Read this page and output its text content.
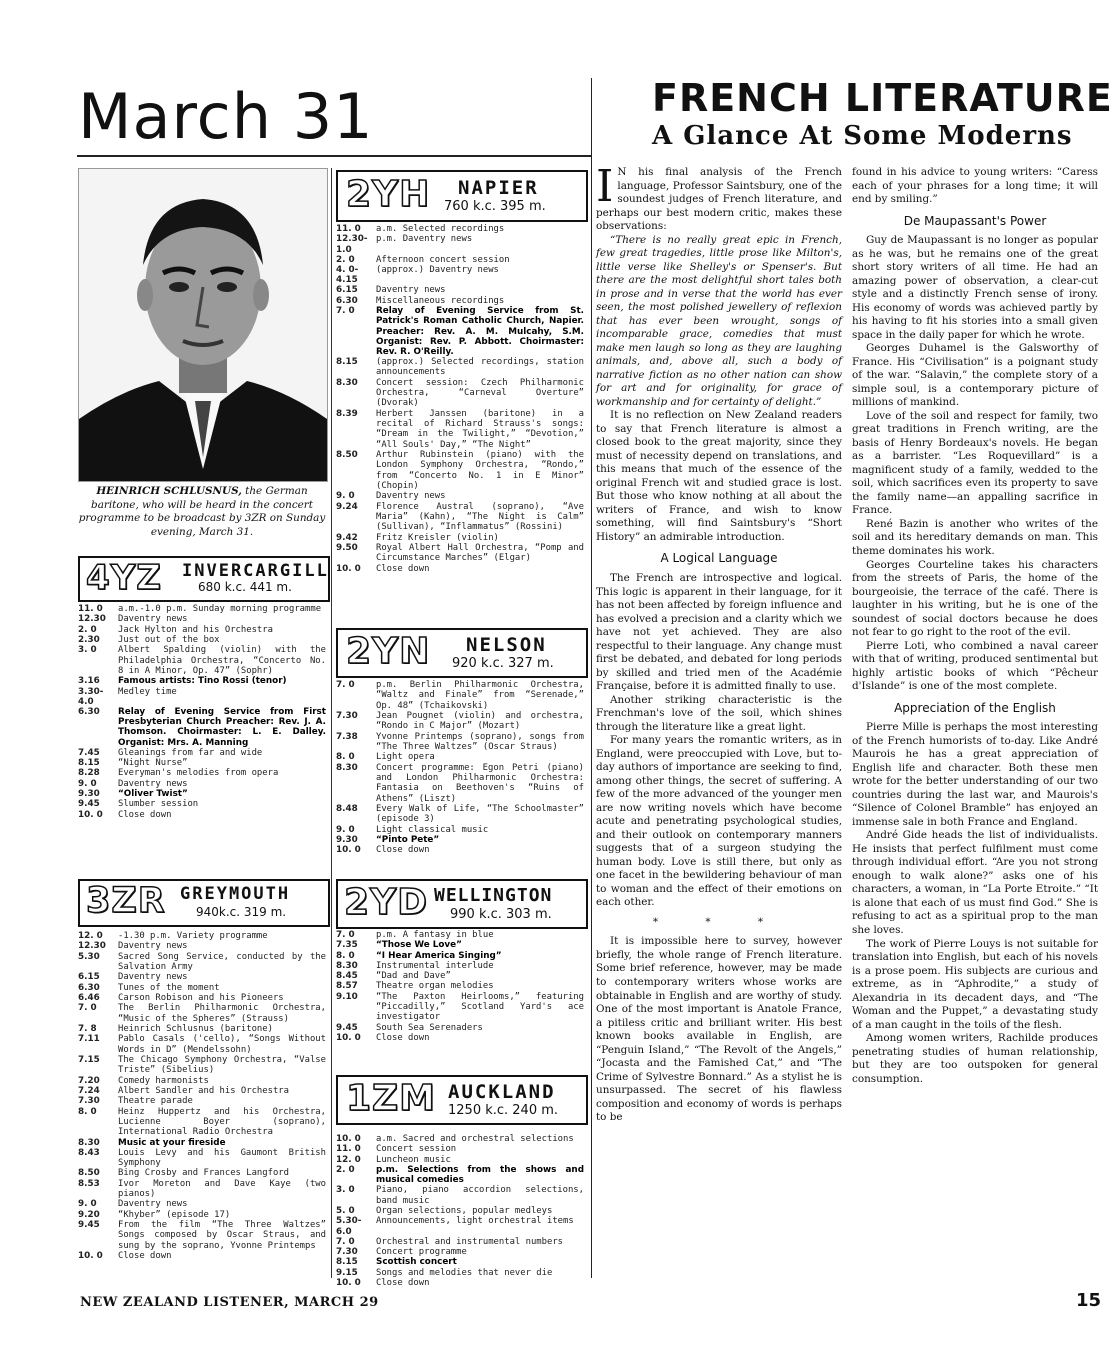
March 31	FRENCH LITERATURE
A Glance At Some Moderns

HEINRICH SCHLUSNUS, the German baritone, who will be heard in the concert programme to be broadcast by 3ZR on Sunday evening, March 31.

4YZ INVERCARGILL
680 k.c. 441 m.
11. 0	a.m.-1.0 p.m. Sunday morning programme
12.30	Daventry news
2. 0	Jack Hylton and his Orchestra
2.30	Just out of the box
3. 0	Albert Spalding (violin) with the Philadelphia Orchestra, “Concerto No. 8 in A Minor, Op. 47” (Sophr)
3.16	Famous artists: Tino Rossi (tenor)
3.30-4.0
Medley time
6.30	Relay of Evening Service from First Presbyterian Church Preacher: Rev. J. A. Thomson. Choirmaster: L. E. Dalley. Organist: Mrs. A. Manning
7.45	Gleanings from far and wide
8.15	“Night Nurse”
8.28	Everyman's melodies from opera
9. 0	Daventry news
9.30	“Oliver Twist”
9.45	Slumber session
10. 0	Close down
3ZR GREYMOUTH
940k.c. 319 m.
12. 0	-1.30 p.m. Variety programme
12.30	Daventry news
5.30	Sacred Song Service, conducted by the Salvation Army
6.15	Daventry news
6.30	Tunes of the moment
6.46	Carson Robison and his Pioneers
7. 0	The Berlin Philharmonic Orchestra, “Music of the Spheres” (Strauss)
7. 8	Heinrich Schlusnus (baritone)
7.11	Pablo Casals ('cello), “Songs Without Words in D” (Mendelssohn)
7.15	The Chicago Symphony Orchestra, “Valse Triste” (Sibelius)
7.20	Comedy harmonists
7.24	Albert Sandler and his Orchestra
7.30	Theatre parade
8. 0	Heinz Huppertz and his Orchestra, Lucienne Boyer (soprano), International Radio Orchestra
8.30	Music at your fireside
8.43	Louis Levy and his Gaumont British Symphony
8.50	Bing Crosby and Frances Langford
8.53	Ivor Moreton and Dave Kaye (two pianos)
9. 0	Daventry news
9.20	“Khyber” (episode 17)
9.45	From the film “The Three Waltzes” Songs composed by Oscar Straus, and sung by the soprano, Yvonne Printemps
10. 0	Close down
2YH NAPIER
760 k.c. 395 m.
11. 0	a.m. Selected recordings
12.30-1.0
p.m. Daventry news
2. 0	Afternoon concert session
4. 0-4.15
(approx.) Daventry news
6.15	Daventry news
6.30	Miscellaneous recordings
7. 0	Relay of Evening Service from St. Patrick's Roman Catholic Church, Napier. Preacher: Rev. A. M. Mulcahy, S.M. Organist: Rev. P. Abbott. Choirmaster: Rev. R. O'Reilly.
8.15	(approx.) Selected recordings, station announcements
8.30	Concert session: Czech Philharmonic Orchestra, “Carneval Overture” (Dvorak)
8.39	Herbert Janssen (baritone) in a recital of Richard Strauss's songs: “Dream in the Twilight,” “Devotion,” “All Souls' Day,” “The Night”
8.50	Arthur Rubinstein (piano) with the London Symphony Orchestra, “Rondo,” from “Concerto No. 1 in E Minor” (Chopin)
9. 0	Daventry news
9.24	Florence Austral (soprano), “Ave Maria” (Kahn), “The Night is Calm” (Sullivan), “Inflammatus” (Rossini)
9.42	Fritz Kreisler (violin)
9.50	Royal Albert Hall Orchestra, “Pomp and Circumstance Marches” (Elgar)
10. 0	Close down
2YN NELSON
920 k.c. 327 m.
7. 0	p.m. Berlin Philharmonic Orchestra, “Waltz and Finale” from “Serenade,” Op. 48” (Tchaikovski)
7.30	Jean Pougnet (violin) and orchestra, “Rondo in C Major” (Mozart)
7.38	Yvonne Printemps (soprano), songs from “The Three Waltzes” (Oscar Straus)
8. 0	Light opera
8.30	Concert programme: Egon Petri (piano) and London Philharmonic Orchestra: Fantasia on Beethoven's “Ruins of Athens” (Liszt)
8.48	Every Walk of Life, “The Schoolmaster” (episode 3)
9. 0	Light classical music
9.30	“Pinto Pete”
10. 0	Close down
2YD WELLINGTON
990 k.c. 303 m.
7. 0	p.m. A fantasy in blue
7.35	“Those We Love”
8. 0	“I Hear America Singing”
8.30	Instrumental interlude
8.45	“Dad and Dave”
8.57	Theatre organ melodies
9.10	“The Paxton Heirlooms,” featuring “Piccadilly,” Scotland Yard's ace investigator
9.45	South Sea Serenaders
10. 0	Close down
1ZM AUCKLAND
1250 k.c. 240 m.
10. 0	a.m. Sacred and orchestral selections
11. 0	Concert session
12. 0	Luncheon music
2. 0	p.m. Selections from the shows and musical comedies
3. 0	Piano, piano accordion selections, band music
5. 0	Organ selections, popular medleys
5.30-6.0
Announcements, light orchestral items
7. 0	Orchestral and instrumental numbers
7.30	Concert programme
8.15	Scottish concert
9.15	Songs and melodies that never die
10. 0	Close down

I N his final analysis of the French language, Professor Saintsbury, one of the soundest judges of French literature, and perhaps our best modern critic, makes these observations:

“There is no really great epic in French, few great tragedies, little prose like Milton's, little verse like Shelley's or Spenser's. But there are the most delightful short tales both in prose and in verse that the world has ever seen, the most polished jewellery of reflexion that has ever been wrought, songs of incomparable grace, comedies that must make men laugh so long as they are laughing animals, and, above all, such a body of narrative fiction as no other nation can show for art and for originality, for grace of workmanship and for certainty of delight.”

It is no reflection on New Zealand readers to say that French literature is almost a closed book to the great majority, since they must of necessity depend on translations, and this means that much of the essence of the original French wit and studied grace is lost. But those who know nothing at all about the writers of France, and wish to know something, will find Saintsbury's “Short History” an admirable introduction.

A Logical Language

The French are introspective and logical. This logic is apparent in their language, for it has not been affected by foreign influence and has evolved a precision and a clarity which we have not yet achieved. They are also respectful to their language. Any change must first be debated, and debated for long periods by skilled and tried men of the Académie Française, before it is admitted finally to use.

Another striking characteristic is the Frenchman's love of the soil, which shines through the literature like a great light.

For many years the romantic writers, as in England, were preoccupied with Love, but to-day authors of importance are seeking to find, among other things, the secret of suffering. A few of the more advanced of the younger men are now writing novels which have become acute and penetrating psychological studies, and their outlook on contemporary manners suggests that of a surgeon studying the human body. Love is still there, but only as one facet in the bewildering behaviour of man to woman and the effect of their emotions on each other.

* * *

It is impossible here to survey, however briefly, the whole range of French literature. Some brief reference, however, may be made to contemporary writers whose works are obtainable in English and are worthy of study. One of the most important is Anatole France, a pitiless critic and brilliant writer. His best known books available in English, are “Penguin Island,” “The Revolt of the Angels,” “Jocasta and the Famished Cat,” and “The Crime of Sylvestre Bonnard.” As a stylist he is unsurpassed. The secret of his flawless composition and economy of words is perhaps to be

found in his advice to young writers: “Caress each of your phrases for a long time; it will end by smiling.”

De Maupassant's Power

Guy de Maupassant is no longer as popular as he was, but he remains one of the great short story writers of all time. He had an amazing power of observation, a clear-cut style and a distinctly French sense of irony. His economy of words was achieved partly by his having to fit his stories into a small given space in the daily paper for which he wrote.

Georges Duhamel is the Galsworthy of France. His “Civilisation” is a poignant study of the war. “Salavin,” the complete story of a simple soul, is a contemporary picture of millions of mankind.

Love of the soil and respect for family, two great traditions in French writing, are the basis of Henry Bordeaux's novels. He began as a barrister. “Les Roquevillard” is a magnificent study of a family, wedded to the soil, which sacrifices even its property to save the family name—an appalling sacrifice in France.

René Bazin is another who writes of the soil and its hereditary demands on man. This theme dominates his work.

Georges Courteline takes his characters from the streets of Paris, the home of the bourgeoisie, the terrace of the café. There is laughter in his writing, but he is one of the soundest of social doctors because he does not fear to go right to the root of the evil.

Pierre Loti, who combined a naval career with that of writing, produced sentimental but highly artistic books of which “Pêcheur d'Islande” is one of the most complete.

Appreciation of the English

Pierre Mille is perhaps the most interesting of the French humorists of to-day. Like André Maurois he has a great appreciation of English life and character. Both these men wrote for the better understanding of our two countries during the last war, and Maurois's “Silence of Colonel Bramble” has enjoyed an immense sale in both France and England.

André Gide heads the list of individualists. He insists that perfect fulfilment must come through individual effort. “Are you not strong enough to walk alone?” asks one of his characters, a woman, in “La Porte Etroite.” “It is alone that each of us must find God.” She is refusing to act as a spiritual prop to the man she loves.

The work of Pierre Louys is not suitable for translation into English, but each of his novels is a prose poem. His subjects are curious and extreme, as in “Aphrodite,” a study of Alexandria in its decadent days, and “The Woman and the Puppet,” a devastating study of a man caught in the toils of the flesh.

Among women writers, Rachilde produces penetrating studies of human relationship, but they are too outspoken for general consumption.

NEW ZEALAND LISTENER, MARCH 29	15
